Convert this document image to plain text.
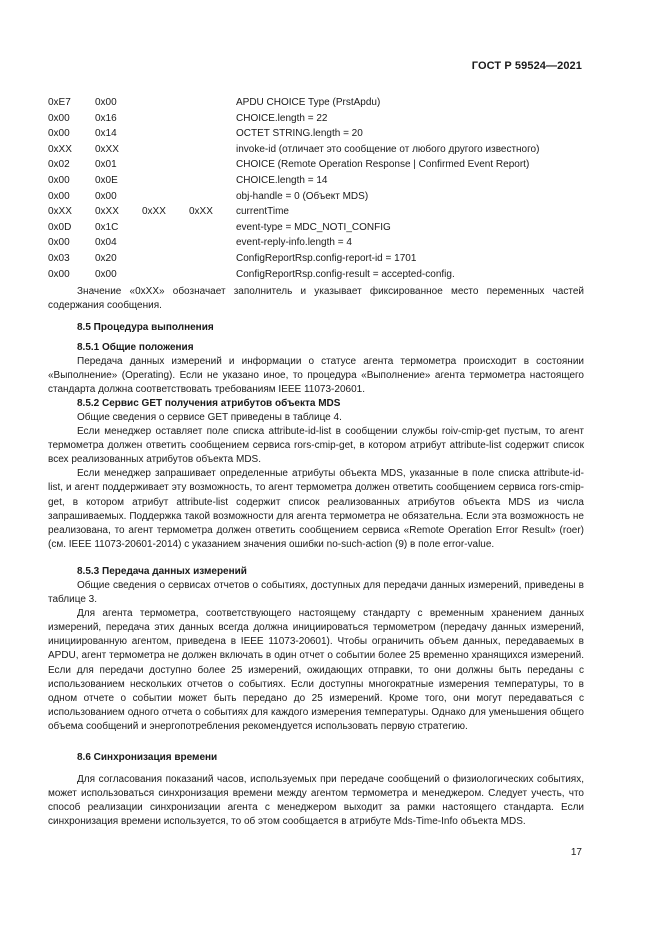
ГОСТ Р 59524—2021
0xE7 0x00	APDU CHOICE Type (PrstApdu)
0x00	0x16	CHOICE.length = 22
0x00	0x14	OCTET STRING.length = 20
0xXX 0xXX	invoke-id (отличает это сообщение от любого другого известного)
0x02	0x01	CHOICE (Remote Operation Response | Confirmed Event Report)
0x00	0x0E	CHOICE.length = 14
0x00	0x00	obj-handle = 0 (Объект MDS)
0xXX 0xXX 0xXX 0xXX currentTime
0x0D 0x1C	event-type = MDC_NOTI_CONFIG
0x00	0x04	event-reply-info.length = 4
0x03	0x20	ConfigReportRsp.config-report-id = 1701
0x00	0x00	ConfigReportRsp.config-result = accepted-config.

Значение «0xXX» обозначает заполнитель и указывает фиксированное место переменных частей содержания сообщения.

8.5 Процедура выполнения
8.5.1 Общие положения

Передача данных измерений и информации о статусе агента термометра происходит в состоянии «Выполнение» (Operating). Если не указано иное, то процедура «Выполнение» агента термометра настоящего стандарта должна соответствовать требованиям IEEE 11073-20601.

8.5.2 Сервис GET получения атрибутов объекта MDS

Общие сведения о сервисе GET приведены в таблице 4.

Если менеджер оставляет поле списка attribute-id-list в сообщении службы roiv-cmip-get пустым, то агент термометра должен ответить сообщением сервиса rors-cmip-get, в котором атрибут attribute-list содержит список всех реализованных атрибутов объекта MDS.

Если менеджер запрашивает определенные атрибуты объекта MDS, указанные в поле списка attribute-id-list, и агент поддерживает эту возможность, то агент термометра должен ответить сообщением сервиса rors-cmip-get, в котором атрибут attribute-list содержит список реализованных атрибутов объекта MDS из числа запрашиваемых. Поддержка такой возможности для агента термометра не обязательна. Если эта возможность не реализована, то агент термометра должен ответить сообщением сервиса «Remote Operation Error Result» (roer) (см. IEEE 11073-20601-2014) с указанием значения ошибки no-such-action (9) в поле error-value.

8.5.3 Передача данных измерений

Общие сведения о сервисах отчетов о событиях, доступных для передачи данных измерений, приведены в таблице 3.

Для агента термометра, соответствующего настоящему стандарту с временным хранением данных измерений, передача этих данных всегда должна инициироваться термометром (передачу данных измерений, инициированную агентом, приведена в IEEE 11073-20601). Чтобы ограничить объем данных, передаваемых в APDU, агент термометра не должен включать в один отчет о событии более 25 временно хранящихся измерений. Если для передачи доступно более 25 измерений, ожидающих отправки, то они должны быть переданы с использованием нескольких отчетов о событиях. Если доступны многократные измерения температуры, то в одном отчете о событии может быть передано до 25 измерений. Кроме того, они могут передаваться с использованием одного отчета о событиях для каждого измерения температуры. Однако для уменьшения общего объема сообщений и энергопотребления рекомендуется использовать первую стратегию.

8.6 Синхронизация времени

Для согласования показаний часов, используемых при передаче сообщений о физиологических событиях, может использоваться синхронизация времени между агентом термометра и менеджером. Следует учесть, что способ реализации синхронизации агента с менеджером выходит за рамки настоящего стандарта. Если синхронизация времени используется, то об этом сообщается в атрибуте Mds-Time-Info объекта MDS.

17
